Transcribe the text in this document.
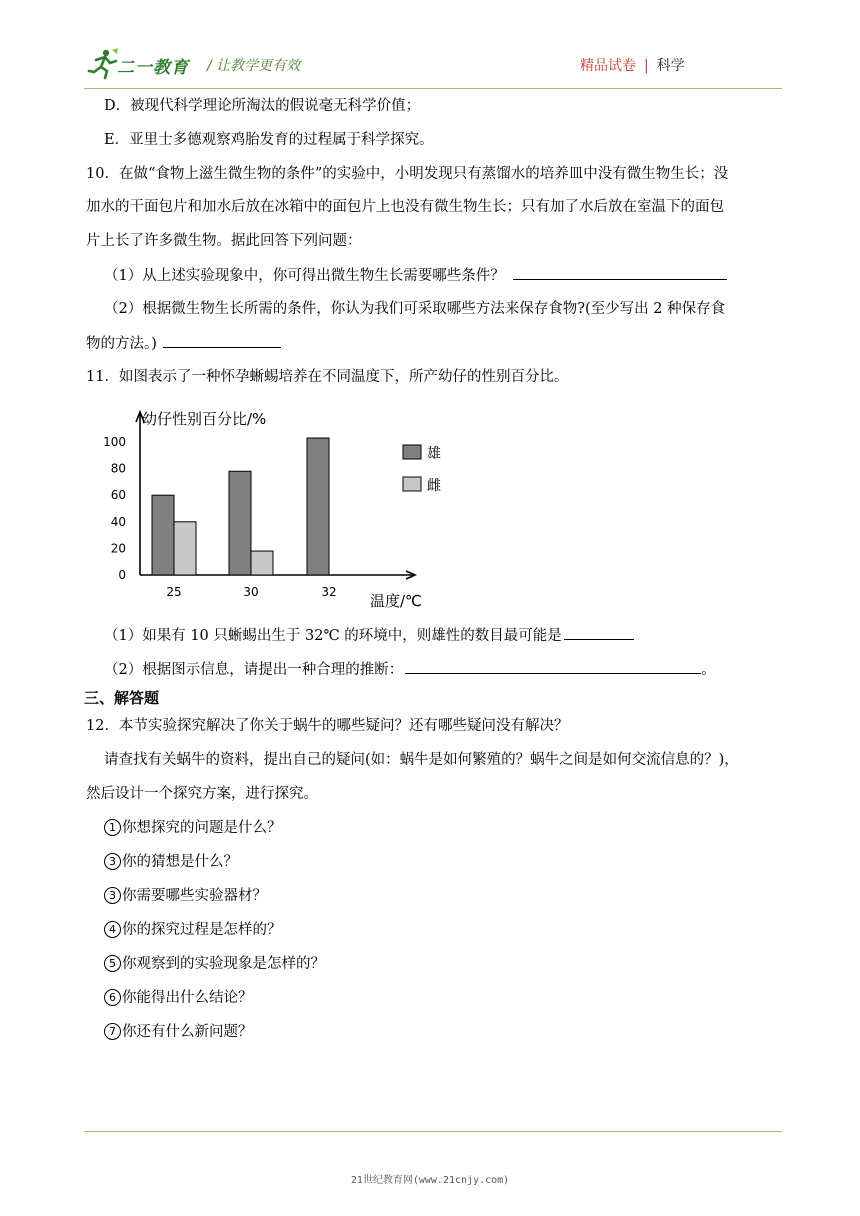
二一教育 / 让教学更有效	精品试卷 | 科学
D．被现代科学理论所淘汰的假说毫无科学价值；
E．亚里士多德观察鸡胎发育的过程属于科学探究。
10．在做“食物上滋生微生物的条件”的实验中，小明发现只有蒸馏水的培养皿中没有微生物生长；没
加水的干面包片和加水后放在冰箱中的面包片上也没有微生物生长；只有加了水后放在室温下的面包
片上长了许多微生物。据此回答下列问题：
（1）从上述实验现象中，你可得出微生物生长需要哪些条件？
（2）根据微生物生长所需的条件，你认为我们可采取哪些方法来保存食物?(至少写出 2 种保存食
物的方法。)
11．如图表示了一种怀孕蜥蜴培养在不同温度下，所产幼仔的性别百分比。
幼仔性别百分比/%
温度/℃
0
20
40
60
80
100
25	30	32
雄
雌
（1）如果有 10 只蜥蜴出生于 32℃ 的环境中，则雄性的数目最可能是
（2）根据图示信息，请提出一种合理的推断：	。
三、解答题
12．本节实验探究解决了你关于蜗牛的哪些疑问？还有哪些疑问没有解决？
请查找有关蜗牛的资料，提出自己的疑问(如：蜗牛是如何繁殖的？蜗牛之间是如何交流信息的？)，
然后设计一个探究方案，进行探究。
1 你想探究的问题是什么？
3 你的猜想是什么？
3 你需要哪些实验器材？
4 你的探究过程是怎样的？
5 你观察到的实验现象是怎样的？
6 你能得出什么结论？
7 你还有什么新问题？
21世纪教育网(www.21cnjy.com)
